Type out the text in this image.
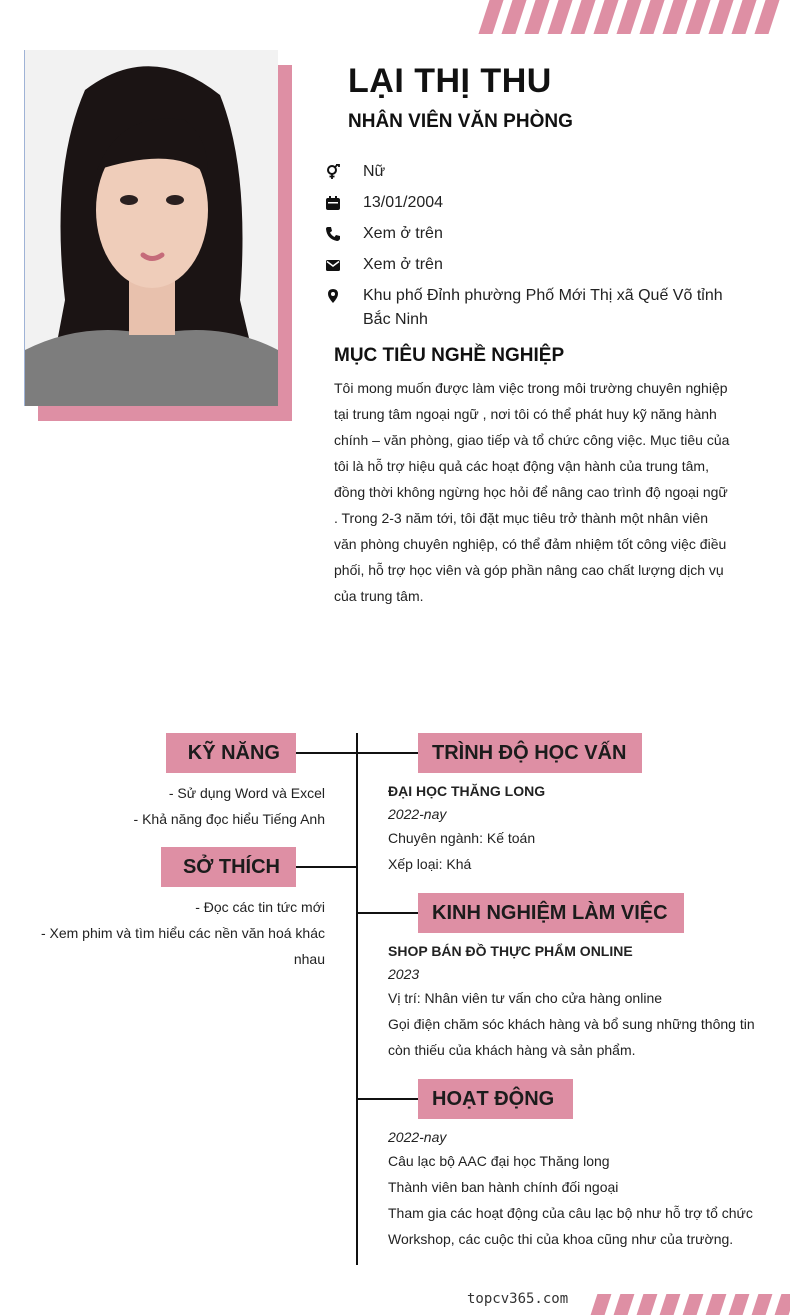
LẠI THỊ THU
NHÂN VIÊN VĂN PHÒNG
Nữ
13/01/2004
Xem ở trên
Xem ở trên
Khu phố Đỉnh phường Phố Mới Thị xã Quế Võ tỉnh Bắc Ninh
MỤC TIÊU NGHỀ NGHIỆP
Tôi mong muốn được làm việc trong môi trường chuyên nghiệp tại trung tâm ngoại ngữ , nơi tôi có thể phát huy kỹ năng hành chính – văn phòng, giao tiếp và tổ chức công việc. Mục tiêu của tôi là hỗ trợ hiệu quả các hoạt động vận hành của trung tâm, đồng thời không ngừng học hỏi để nâng cao trình độ ngoại ngữ . Trong 2-3 năm tới, tôi đặt mục tiêu trở thành một nhân viên văn phòng chuyên nghiệp, có thể đảm nhiệm tốt công việc điều phối, hỗ trợ học viên và góp phần nâng cao chất lượng dịch vụ của trung tâm.
KỸ NĂNG
- Sử dụng Word và Excel
- Khả năng đọc hiểu Tiếng Anh
SỞ THÍCH
- Đọc các tin tức mới
- Xem phim và tìm hiểu các nền văn hoá khác nhau
TRÌNH ĐỘ HỌC VẤN
ĐẠI HỌC THĂNG LONG
2022-nay
Chuyên ngành: Kế toán
Xếp loại: Khá
KINH NGHIỆM LÀM VIỆC
SHOP BÁN ĐỒ THỰC PHẨM ONLINE
2023
Vị trí: Nhân viên tư vấn cho cửa hàng online
Gọi điện chăm sóc khách hàng và bổ sung những thông tin còn thiếu của khách hàng và sản phẩm.
HOẠT ĐỘNG
2022-nay
Câu lạc bộ AAC đại học Thăng long
Thành viên ban hành chính đối ngoại
Tham gia các hoạt động của câu lạc bộ như hỗ trợ tổ chức Workshop, các cuộc thi của khoa cũng như của trường.
topcv365.com
